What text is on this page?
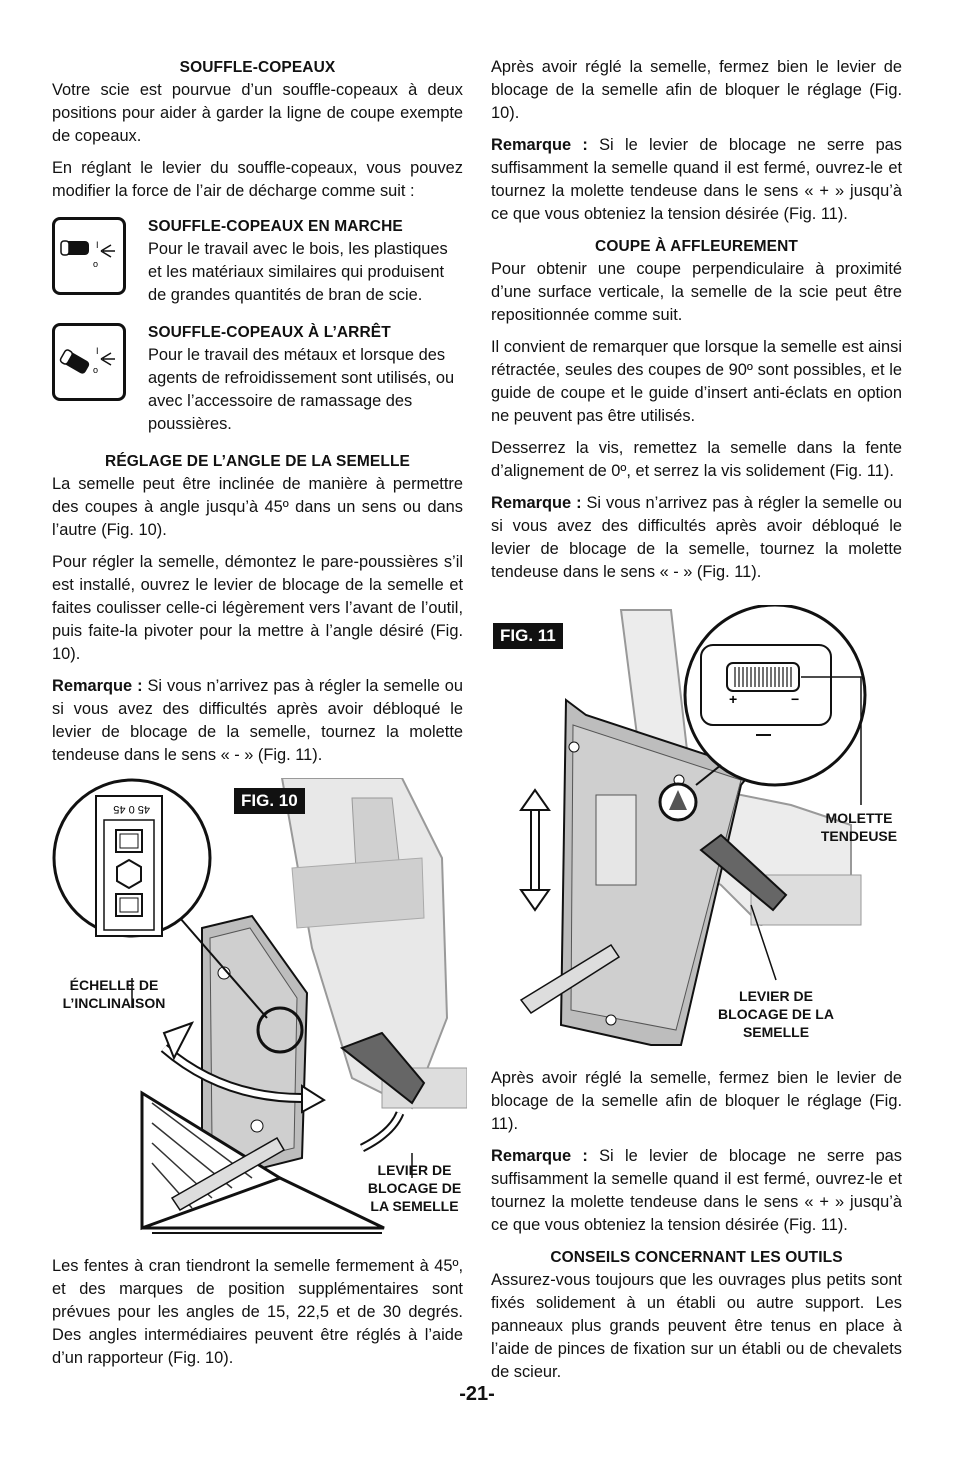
SOUFFLE-COPEAUX

Votre scie est pourvue d’un souffle-copeaux à deux positions pour aider à garder la ligne de coupe exempte de copeaux.

En réglant le levier du souffle-copeaux, vous pouvez modifier la force de l’air de décharge comme suit :

I
o

SOUFFLE-COPEAUX EN MARCHE

Pour le travail avec le bois, les plastiques et les matériaux similaires qui produisent de grandes quantités de bran de scie.

I
o

SOUFFLE-COPEAUX À L’ARRÊT

Pour le travail des métaux et lorsque des agents de refroidissement sont utilisés, ou avec l’accessoire de ramassage des poussières.

RÉGLAGE DE L’ANGLE DE LA SEMELLE

La semelle peut être inclinée de manière à permettre des coupes à angle jusqu’à 45º dans un sens ou dans l’autre (Fig. 10).

Pour régler la semelle, démontez le pare-poussières s’il est installé, ouvrez le levier de blocage de la semelle et faites coulisser celle-ci légèrement vers l’avant de l’outil, puis faite-la pivoter pour la mettre à l’angle désiré (Fig. 10).

Remarque : Si vous n’arrivez pas à régler la semelle ou si vous avez des difficultés après avoir débloqué le levier de blocage de la semelle, tournez la molette tendeuse dans le sens « - » (Fig. 11).

45 0 45	FIG. 10
ÉCHELLE DE L’INCLINAISON
LEVIER DE BLOCAGE DE LA SEMELLE

Les fentes à cran tiendront la semelle fermement à 45º, et des marques de position supplémentaires sont prévues pour les angles de 15, 22,5 et de 30 degrés. Des angles intermédiaires peuvent être réglés à l’aide d’un rapporteur (Fig. 10).

Après avoir réglé la semelle, fermez bien le levier de blocage de la semelle afin de bloquer le réglage (Fig. 10).

Remarque : Si le levier de blocage ne serre pas suffisamment la semelle quand il est fermé, ouvrez-le et tournez la molette tendeuse dans le sens « + » jusqu’à ce que vous obteniez la tension désirée (Fig. 11).

COUPE À AFFLEUREMENT

Pour obtenir une coupe perpendiculaire à proximité d’une surface verticale, la semelle de la scie peut être repositionnée comme suit.

Il convient de remarquer que lorsque la semelle est ainsi rétractée, seules des coupes de 90º sont possibles, et le guide de coupe et le guide d’insert anti-éclats en option ne peuvent pas être utilisés.

Desserrez la vis, remettez la semelle dans la fente d’alignement de 0º, et serrez la vis solidement (Fig. 11).

Remarque : Si vous n’arrivez pas à régler la semelle ou si vous avez des difficultés après avoir débloqué le levier de blocage de la semelle, tournez la molette tendeuse dans le sens « - » (Fig. 11).

+	−
FIG. 11
MOLETTE TENDEUSE
LEVIER DE BLOCAGE DE LA SEMELLE

Après avoir réglé la semelle, fermez bien le levier de blocage de la semelle afin de bloquer le réglage (Fig. 11).

Remarque : Si le levier de blocage ne serre pas suffisamment la semelle quand il est fermé, ouvrez-le et tournez la molette tendeuse dans le sens « + » jusqu’à ce que vous obteniez la tension désirée (Fig. 11).

CONSEILS CONCERNANT LES OUTILS

Assurez-vous toujours que les ouvrages plus petits sont fixés solidement à un établi ou autre support. Les panneaux plus grands peuvent être tenus en place à l’aide de pinces de fixation sur un établi ou de chevalets de scieur.

-21-
